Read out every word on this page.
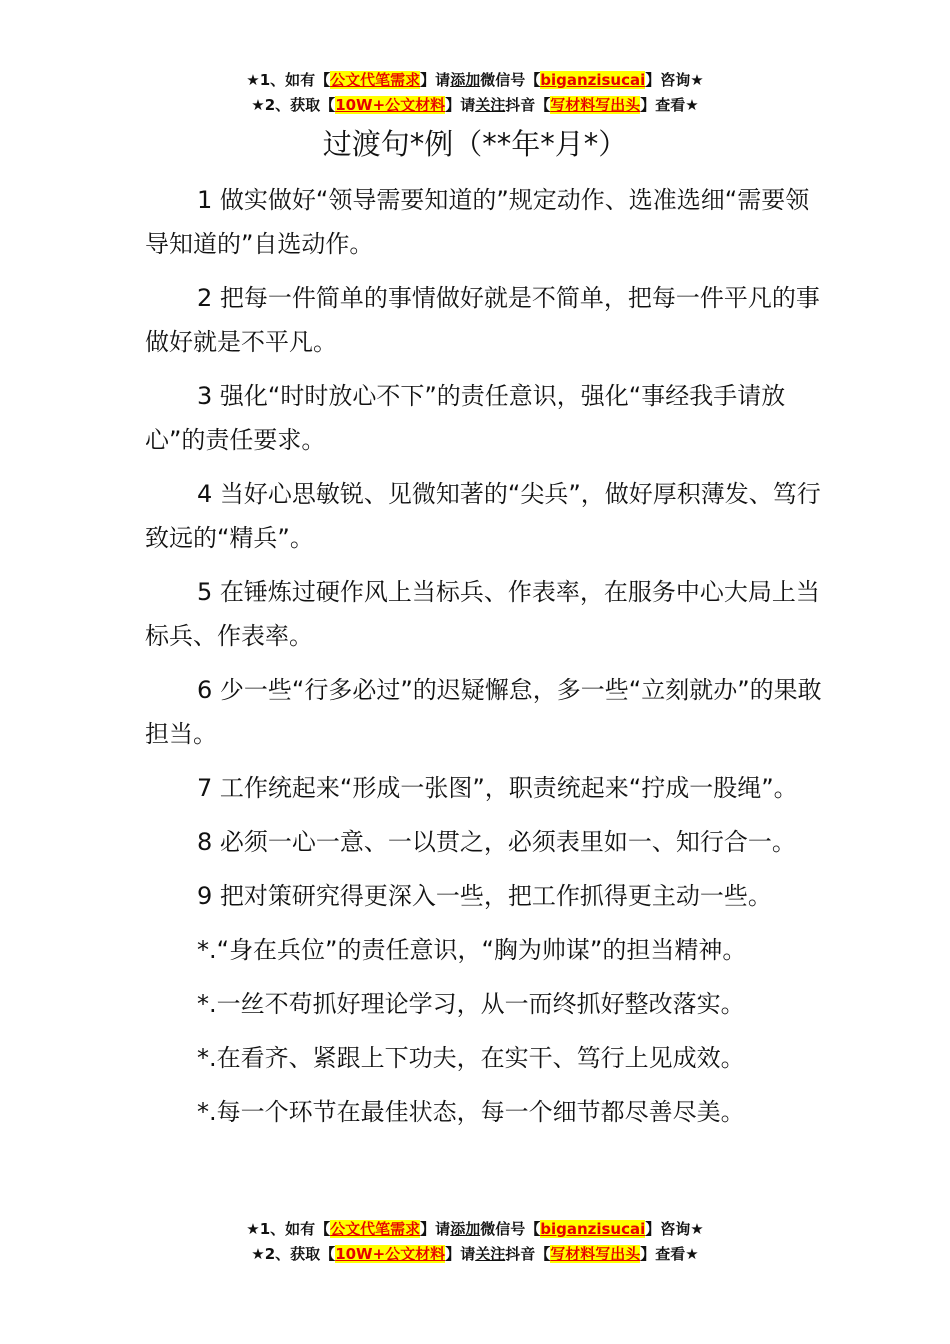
★1、如有【公文代笔需求】请添加微信号【biganzisucai】咨询★
★2、获取【10W+公文材料】请关注抖音【写材料写出头】查看★
过渡句*例（**年*月*）

1 做实做好“领导需要知道的”规定动作、选准选细“需要领导知道的”自选动作。

2 把每一件简单的事情做好就是不简单，把每一件平凡的事做好就是不平凡。

3 强化“时时放心不下”的责任意识，强化“事经我手请放心”的责任要求。

4 当好心思敏锐、见微知著的“尖兵”，做好厚积薄发、笃行致远的“精兵”。

5 在锤炼过硬作风上当标兵、作表率，在服务中心大局上当标兵、作表率。

6 少一些“行多必过”的迟疑懈怠，多一些“立刻就办”的果敢担当。

7 工作统起来“形成一张图”，职责统起来“拧成一股绳”。

8 必须一心一意、一以贯之，必须表里如一、知行合一。

9 把对策研究得更深入一些，把工作抓得更主动一些。

*.“身在兵位”的责任意识，“胸为帅谋”的担当精神。

*.一丝不苟抓好理论学习，从一而终抓好整改落实。

*.在看齐、紧跟上下功夫，在实干、笃行上见成效。

*.每一个环节在最佳状态，每一个细节都尽善尽美。

★1、如有【公文代笔需求】请添加微信号【biganzisucai】咨询★
★2、获取【10W+公文材料】请关注抖音【写材料写出头】查看★
